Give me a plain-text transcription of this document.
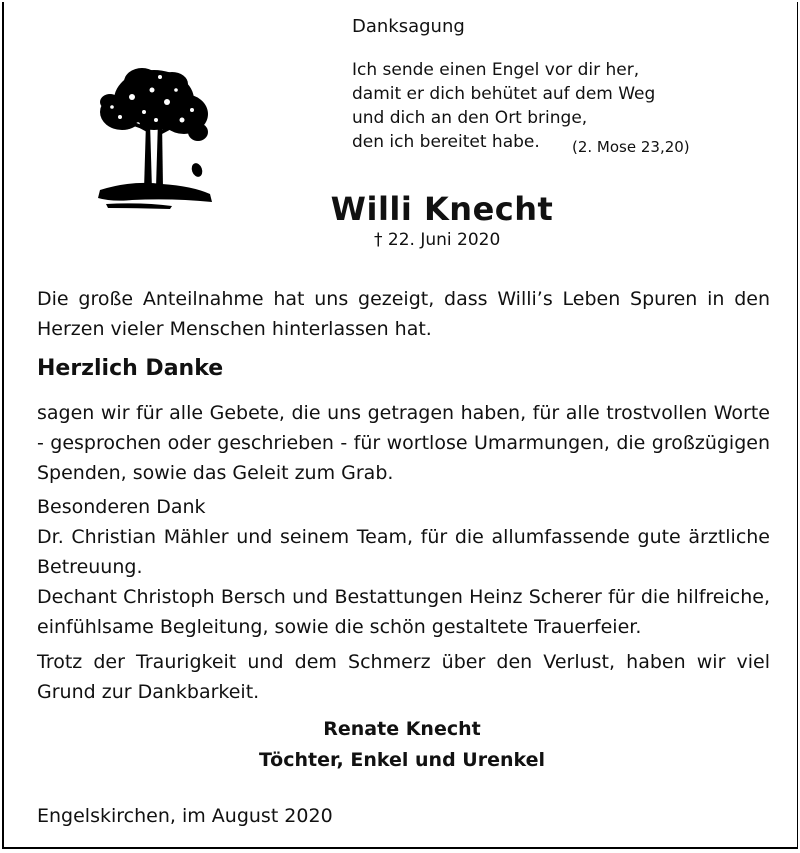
Danksagung
Ich sende einen Engel vor dir her,
damit er dich behütet auf dem Weg
und dich an den Ort bringe,
den ich bereitet habe.	(2. Mose 23,20)
Willi Knecht
† 22. Juni 2020
Die große Anteilnahme hat uns gezeigt, dass Willi’s Leben Spuren in den Herzen vieler Menschen hinterlassen hat.
Herzlich Danke
sagen wir für alle Gebete, die uns getragen haben, für alle trostvollen Worte - gesprochen oder geschrieben - für wortlose Umarmungen, die großzügigen Spenden, sowie das Geleit zum Grab.
Besonderen Dank
Dr. Christian Mähler und seinem Team, für die allumfassende gute ärztliche Betreuung.
Dechant Christoph Bersch und Bestattungen Heinz Scherer für die hilfreiche, einfühlsame Begleitung, sowie die schön gestaltete Trauerfeier.
Trotz der Traurigkeit und dem Schmerz über den Verlust, haben wir viel Grund zur Dankbarkeit.
Renate Knecht
Töchter, Enkel und Urenkel
Engelskirchen, im August 2020
